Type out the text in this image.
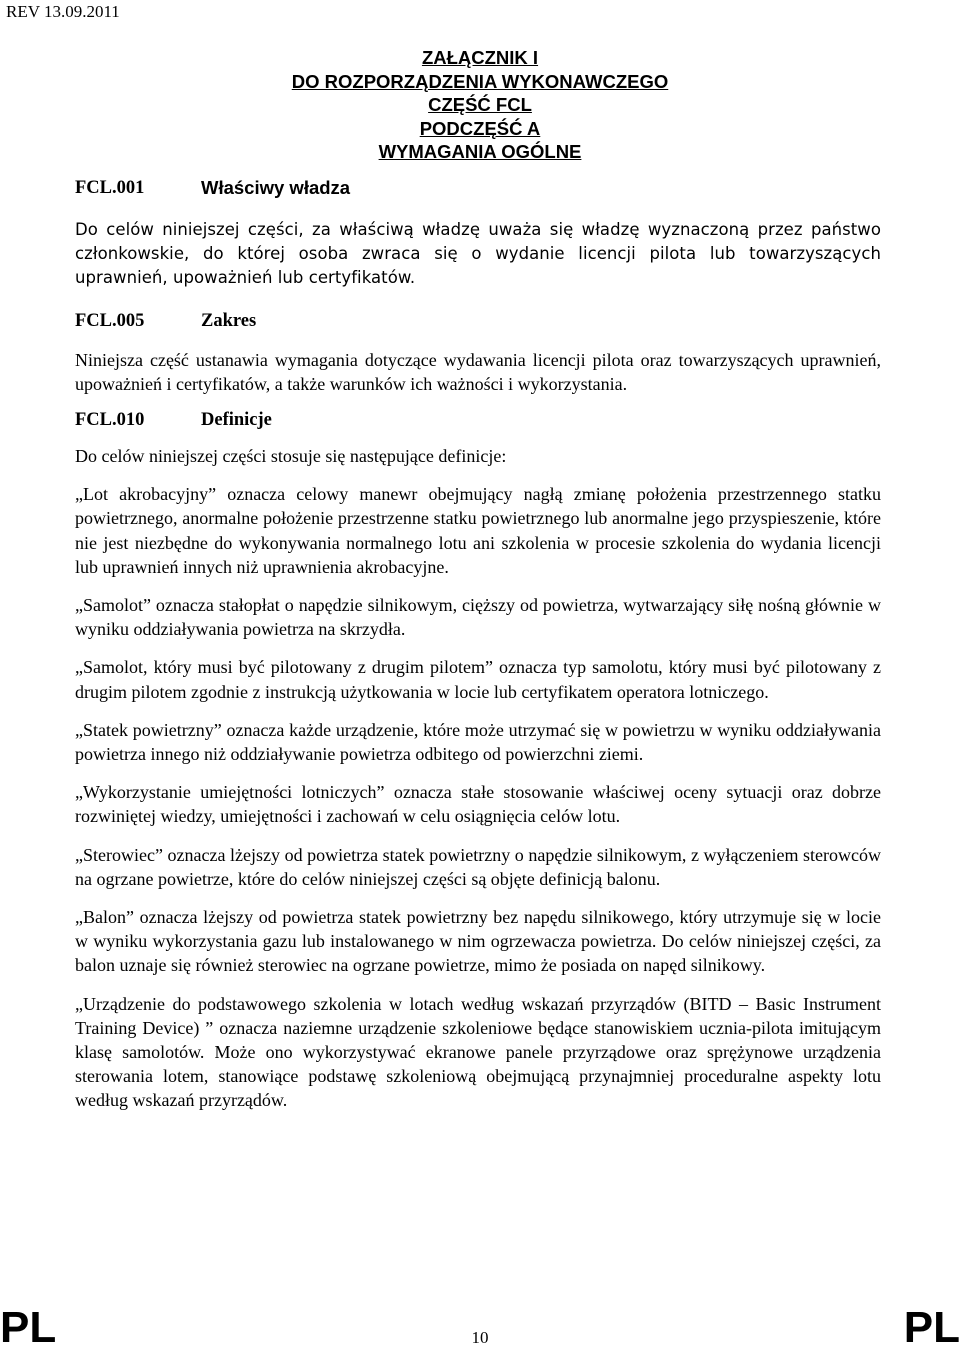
REV 13.09.2011
ZAŁĄCZNIK I
DO ROZPORZĄDZENIA WYKONAWCZEGO
CZĘŚĆ FCL
PODCZĘŚĆ A
WYMAGANIA OGÓLNE
FCL.001	Właściwy władza

Do celów niniejszej części, za właściwą władzę uważa się władzę wyznaczoną przez państwo członkowskie, do której osoba zwraca się o wydanie licencji pilota lub towarzyszących uprawnień, upoważnień lub certyfikatów.

FCL.005	Zakres

Niniejsza część ustanawia wymagania dotyczące wydawania licencji pilota oraz towarzyszących uprawnień, upoważnień i certyfikatów, a także warunków ich ważności i wykorzystania.

FCL.010	Definicje

Do celów niniejszej części stosuje się następujące definicje:

„Lot akrobacyjny” oznacza celowy manewr obejmujący nagłą zmianę położenia przestrzennego statku powietrznego, anormalne położenie przestrzenne statku powietrznego lub anormalne jego przyspieszenie, które nie jest niezbędne do wykonywania normalnego lotu ani szkolenia w procesie szkolenia do wydania licencji lub uprawnień innych niż uprawnienia akrobacyjne.

„Samolot” oznacza stałopłat o napędzie silnikowym, cięższy od powietrza, wytwarzający siłę nośną głównie w wyniku oddziaływania powietrza na skrzydła.

„Samolot, który musi być pilotowany z drugim pilotem” oznacza typ samolotu, który musi być pilotowany z drugim pilotem zgodnie z instrukcją użytkowania w locie lub certyfikatem operatora lotniczego.

„Statek powietrzny” oznacza każde urządzenie, które może utrzymać się w powietrzu w wyniku oddziaływania powietrza innego niż oddziaływanie powietrza odbitego od powierzchni ziemi.

„Wykorzystanie umiejętności lotniczych” oznacza stałe stosowanie właściwej oceny sytuacji oraz dobrze rozwiniętej wiedzy, umiejętności i zachowań w celu osiągnięcia celów lotu.

„Sterowiec” oznacza lżejszy od powietrza statek powietrzny o napędzie silnikowym, z wyłączeniem sterowców na ogrzane powietrze, które do celów niniejszej części są objęte definicją balonu.

„Balon” oznacza lżejszy od powietrza statek powietrzny bez napędu silnikowego, który utrzymuje się w locie w wyniku wykorzystania gazu lub instalowanego w nim ogrzewacza powietrza. Do celów niniejszej części, za balon uznaje się również sterowiec na ogrzane powietrze, mimo że posiada on napęd silnikowy.

„Urządzenie do podstawowego szkolenia w lotach według wskazań przyrządów (BITD – Basic Instrument Training Device) ” oznacza naziemne urządzenie szkoleniowe będące stanowiskiem ucznia-pilota imitującym klasę samolotów. Może ono wykorzystywać ekranowe panele przyrządowe oraz sprężynowe urządzenia sterowania lotem, stanowiące podstawę szkoleniową obejmującą przynajmniej proceduralne aspekty lotu według wskazań przyrządów.

PL	10	PL
